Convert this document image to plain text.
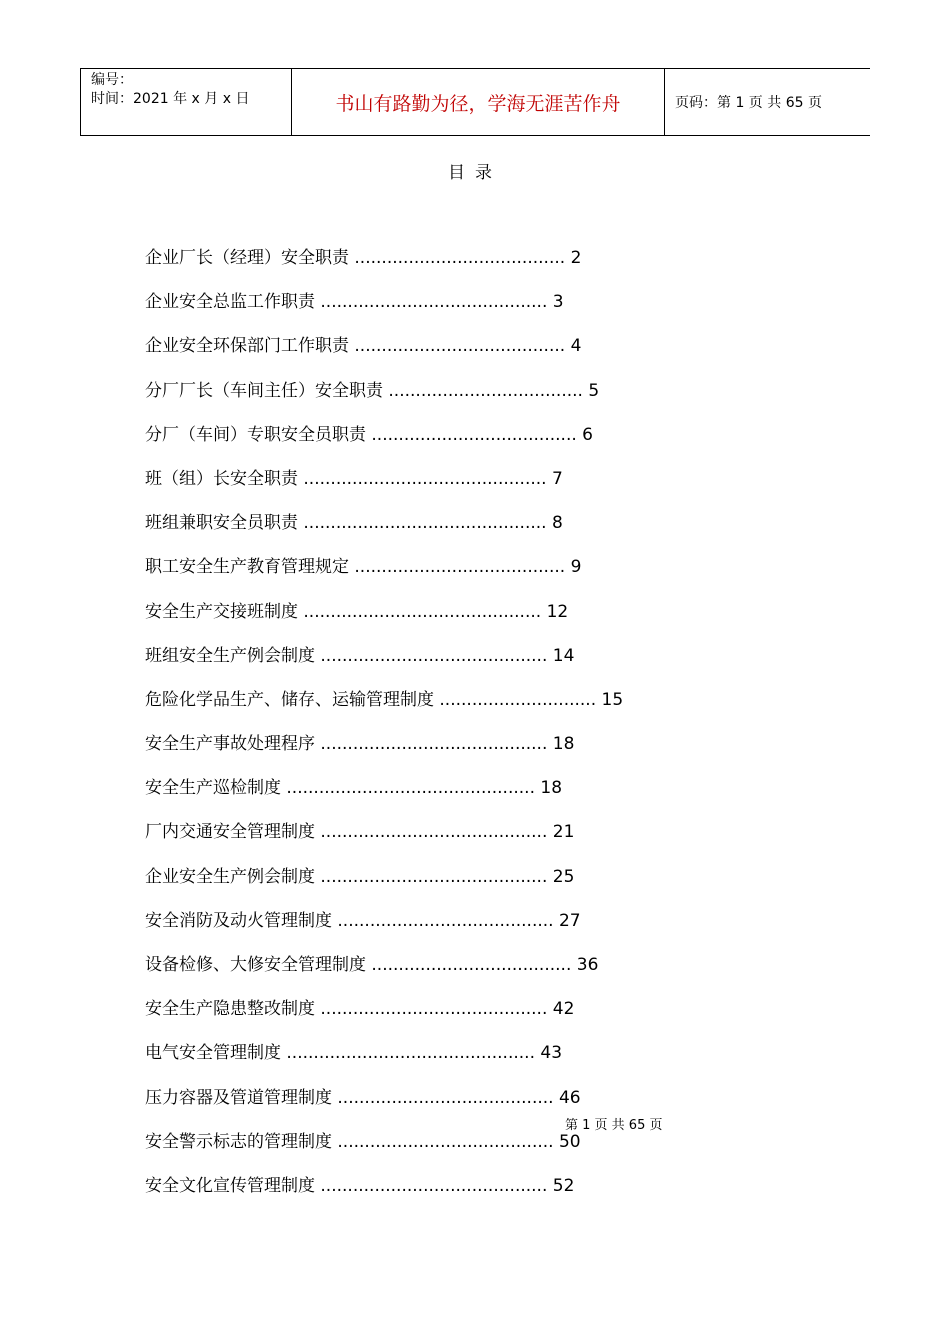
编号：
时间：2021 年 x 月 x 日	书山有路勤为径，学海无涯苦作舟	页码：第 1 页 共 65 页
目录
企业厂长（经理）安全职责 ....................................... 2
企业安全总监工作职责 .......................................... 3
企业安全环保部门工作职责 ....................................... 4
分厂厂长（车间主任）安全职责 .................................... 5
分厂（车间）专职安全员职责 ...................................... 6
班（组）长安全职责 ............................................. 7
班组兼职安全员职责 ............................................. 8
职工安全生产教育管理规定 ....................................... 9
安全生产交接班制度 ............................................ 12
班组安全生产例会制度 .......................................... 14
危险化学品生产、储存、运输管理制度 ............................. 15
安全生产事故处理程序 .......................................... 18
安全生产巡检制度 .............................................. 18
厂内交通安全管理制度 .......................................... 21
企业安全生产例会制度 .......................................... 25
安全消防及动火管理制度 ........................................ 27
设备检修、大修安全管理制度 ..................................... 36
安全生产隐患整改制度 .......................................... 42
电气安全管理制度 .............................................. 43
压力容器及管道管理制度 ........................................ 46
安全警示标志的管理制度 ........................................ 50
安全文化宣传管理制度 .......................................... 52
第 1 页 共 65 页
